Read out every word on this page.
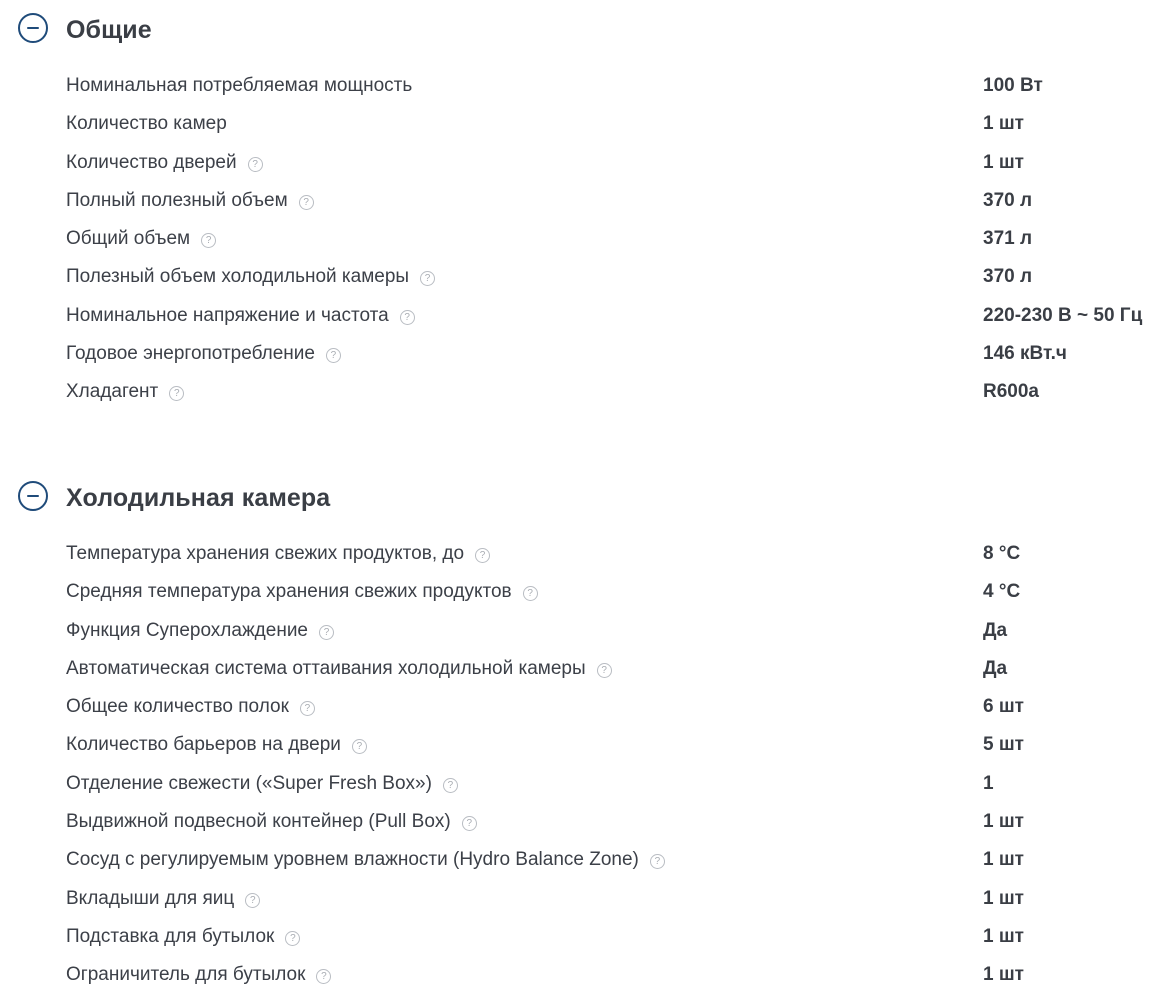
Общие
Номинальная потребляемая мощность	100 Вт
Количество камер	1 шт
Количество дверей ?	1 шт
Полный полезный объем ?	370 л
Общий объем ?	371 л
Полезный объем холодильной камеры ?	370 л
Номинальное напряжение и частота ?	220-230 В ~ 50 Гц
Годовое энергопотребление ?	146 кВт.ч
Хладагент ?	R600a
Холодильная камера
Температура хранения свежих продуктов, до ?	8 °C
Средняя температура хранения свежих продуктов ?	4 °C
Функция Суперохлаждение ?	Да
Автоматическая система оттаивания холодильной камеры ?	Да
Общее количество полок ?	6 шт
Количество барьеров на двери ?	5 шт
Отделение свежести («Super Fresh Box») ?	1
Выдвижной подвесной контейнер (Pull Box) ?	1 шт
Сосуд с регулируемым уровнем влажности (Hydro Balance Zone) ?	1 шт
Вкладыши для яиц ?	1 шт
Подставка для бутылок ?	1 шт
Ограничитель для бутылок ?	1 шт
